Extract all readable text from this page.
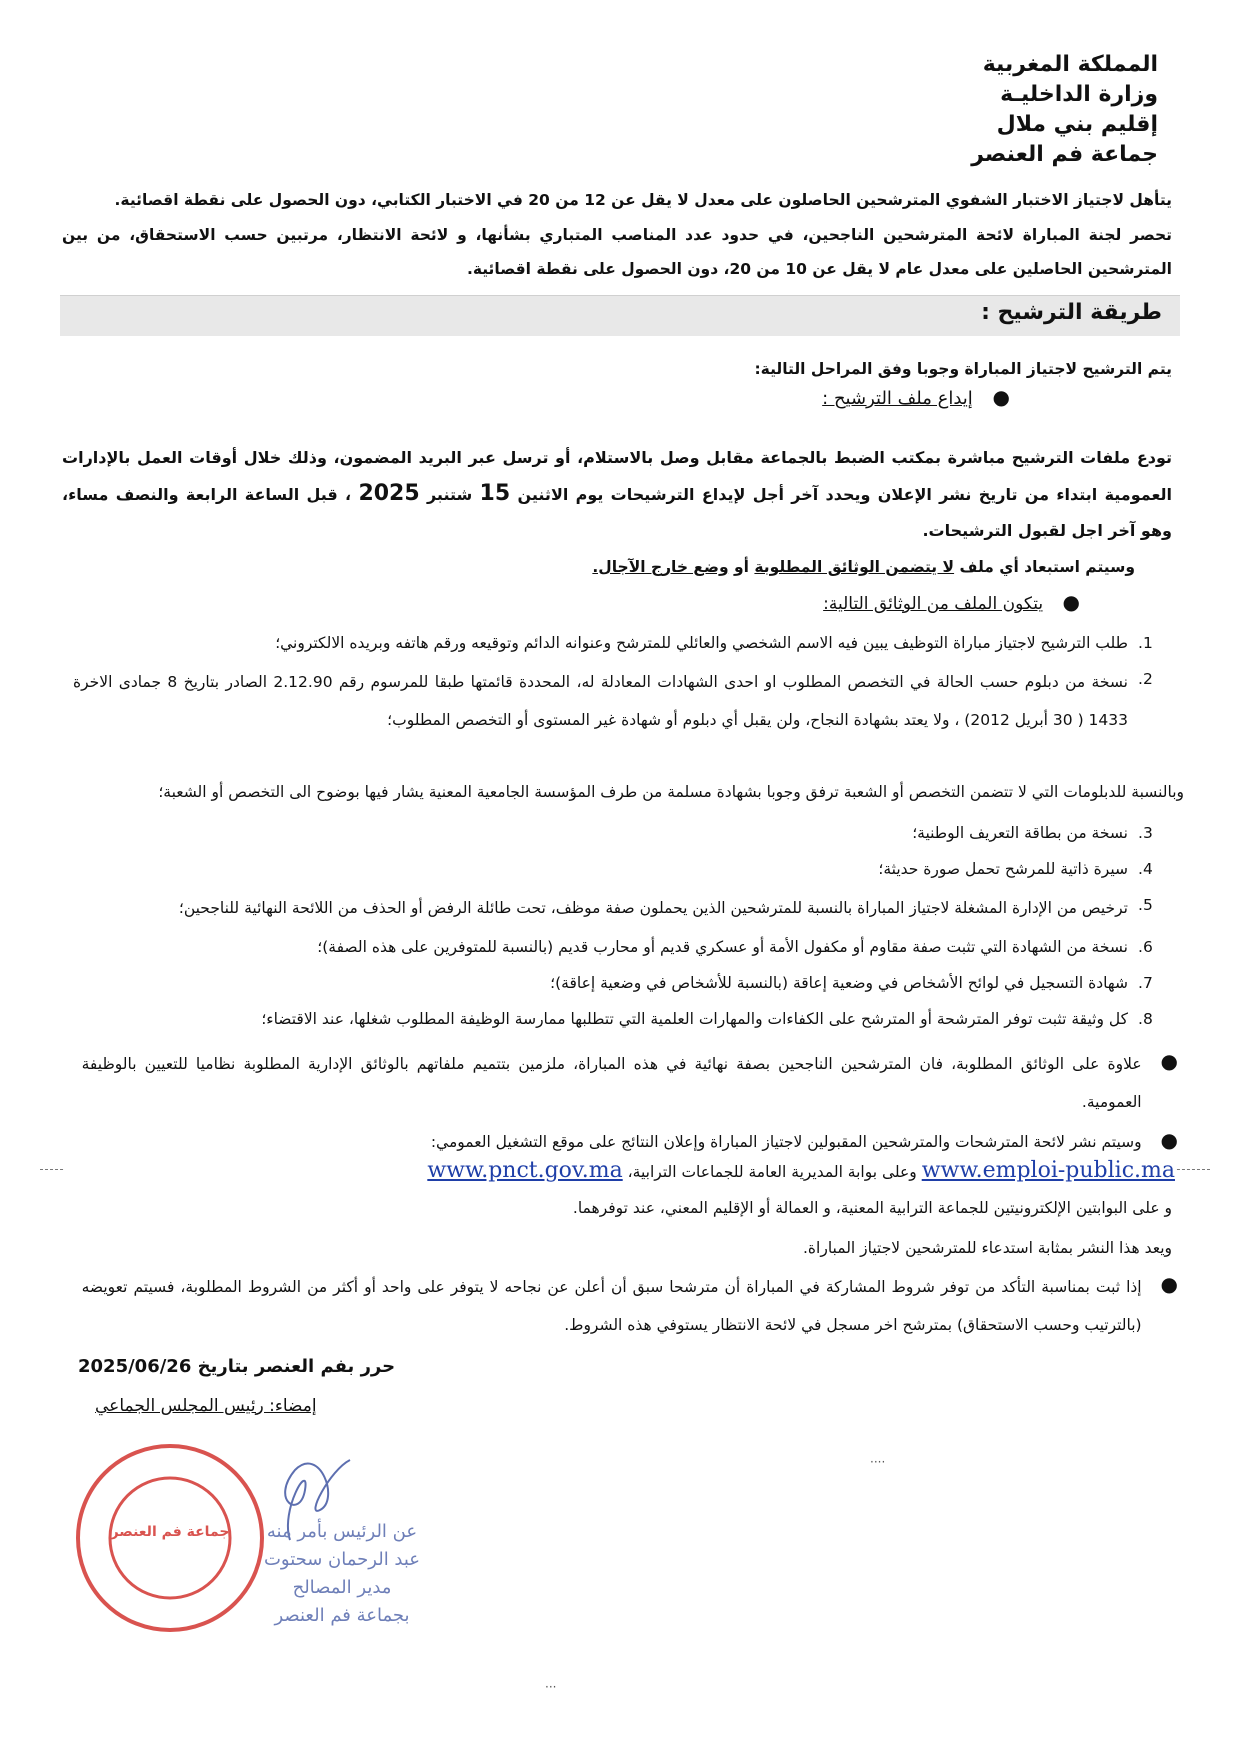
المملكة المغربية
وزارة الداخليـة
إقليم بني ملال
جماعة فم العنصر
يتأهل لاجتياز الاختبار الشفوي المترشحين الحاصلون على معدل لا يقل عن 12 من 20 في الاختبار الكتابي، دون الحصول على نقطة اقصائية.
تحصر لجنة المباراة لائحة المترشحين الناجحين، في حدود عدد المناصب المتباري بشأنها، و لائحة الانتظار، مرتبين حسب الاستحقاق، من بين المترشحين الحاصلين على معدل عام لا يقل عن 10 من 20، دون الحصول على نقطة اقصائية.
طريقة الترشيح :
يتم الترشيح لاجتياز المباراة وجوبا وفق المراحل التالية:
● إيداع ملف الترشيح :
تودع ملفات الترشيح مباشرة بمكتب الضبط بالجماعة مقابل وصل بالاستلام، أو ترسل عبر البريد المضمون، وذلك خلال أوقات العمل بالإدارات العمومية ابتداء من تاريخ نشر الإعلان ويحدد آخر أجل لإيداع الترشيحات يوم الاثنين 15 شتنبر 2025 ، قبل الساعة الرابعة والنصف مساء، وهو آخر اجل لقبول الترشيحات.
وسيتم استبعاد أي ملف لا يتضمن الوثائق المطلوبة أو وضع خارج الآجال.
● يتكون الملف من الوثائق التالية:
1.طلب الترشيح لاجتياز مباراة التوظيف يبين فيه الاسم الشخصي والعائلي للمترشح وعنوانه الدائم وتوقيعه ورقم هاتفه وبريده الالكتروني؛
2.نسخة من دبلوم حسب الحالة في التخصص المطلوب او احدى الشهادات المعادلة له، المحددة قائمتها طبقا للمرسوم رقم 2.12.90 الصادر بتاريخ 8 جمادى الاخرة 1433 ( 30 أبريل 2012) ، ولا يعتد بشهادة النجاح، ولن يقبل أي دبلوم أو شهادة غير المستوى أو التخصص المطلوب؛
وبالنسبة للدبلومات التي لا تتضمن التخصص أو الشعبة ترفق وجوبا بشهادة مسلمة من طرف المؤسسة الجامعية المعنية يشار فيها بوضوح الى التخصص أو الشعبة؛
3.نسخة من بطاقة التعريف الوطنية؛
4.سيرة ذاتية للمرشح تحمل صورة حديثة؛
5.ترخيص من الإدارة المشغلة لاجتياز المباراة بالنسبة للمترشحين الذين يحملون صفة موظف، تحت طائلة الرفض أو الحذف من اللائحة النهائية للناجحين؛
6.نسخة من الشهادة التي تثبت صفة مقاوم أو مكفول الأمة أو عسكري قديم أو محارب قديم (بالنسبة للمتوفرين على هذه الصفة)؛
7.شهادة التسجيل في لوائح الأشخاص في وضعية إعاقة (بالنسبة للأشخاص في وضعية إعاقة)؛
8.كل وثيقة تثبت توفر المترشحة أو المترشح على الكفاءات والمهارات العلمية التي تتطلبها ممارسة الوظيفة المطلوب شغلها، عند الاقتضاء؛
● علاوة على الوثائق المطلوبة، فان المترشحين الناجحين بصفة نهائية في هذه المباراة، ملزمين بتتميم ملفاتهم بالوثائق الإدارية المطلوبة نظاميا للتعيين بالوظيفة العمومية.
● وسيتم نشر لائحة المترشحات والمترشحين المقبولين لاجتياز المباراة وإعلان النتائج على موقع التشغيل العمومي:
www.emploi-public.ma وعلى بوابة المديرية العامة للجماعات الترابية، www.pnct.gov.ma
و على البوابتين الإلكترونيتين للجماعة الترابية المعنية، و العمالة أو الإقليم المعني، عند توفرهما.
ويعد هذا النشر بمثابة استدعاء للمترشحين لاجتياز المباراة.
● إذا ثبت بمناسبة التأكد من توفر شروط المشاركة في المباراة أن مترشحا سبق أن أعلن عن نجاحه لا يتوفر على واحد أو أكثر من الشروط المطلوبة، فسيتم تعويضه (بالترتيب وحسب الاستحقاق) بمترشح اخر مسجل في لائحة الانتظار يستوفي هذه الشروط.
حرر بفم العنصر بتاريخ 2025/06/26
إمضاء: رئيس المجلس الجماعي
جماعة فم العنصر	عن الرئيس بأمر منه
عبد الرحمان سحتوت
مدير المصالح
بجماعة فم العنصر
····
···
